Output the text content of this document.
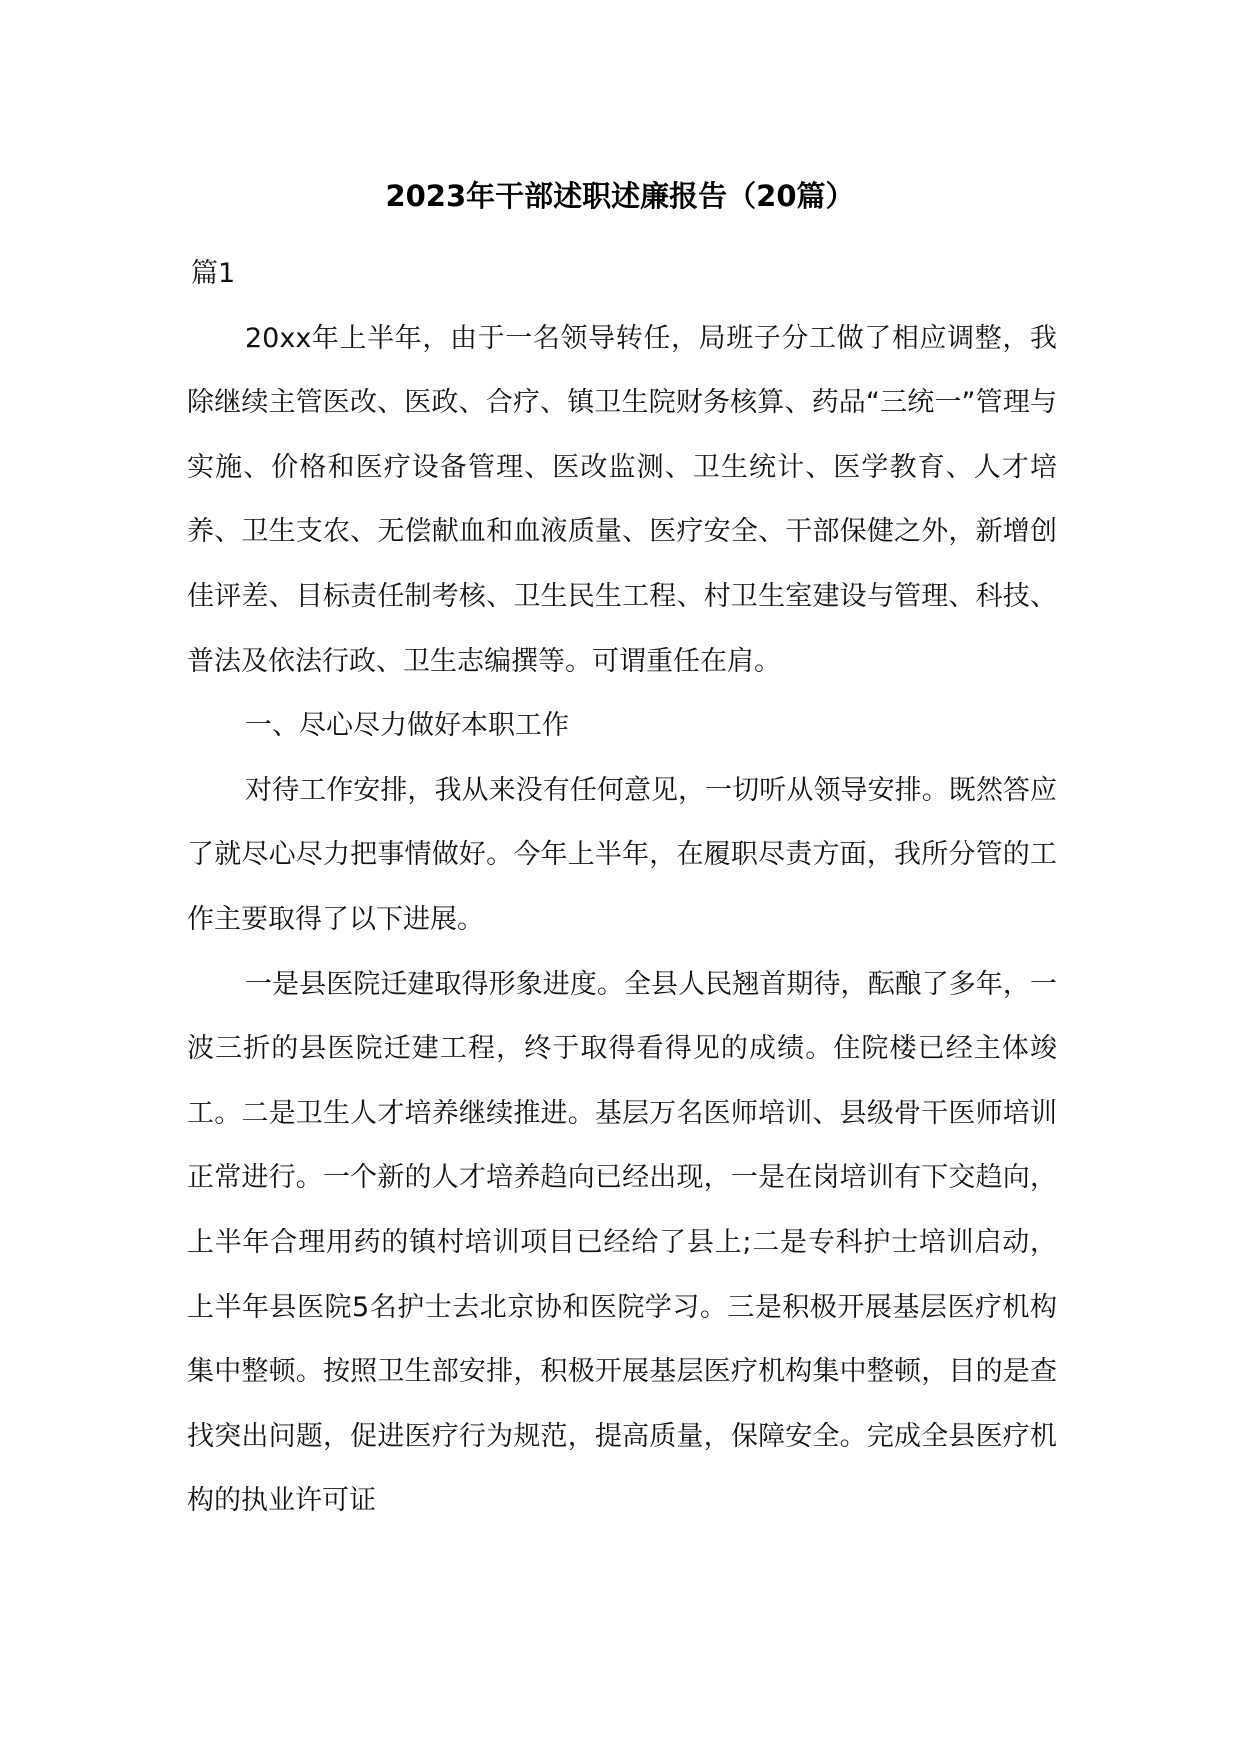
2023年干部述职述廉报告（20篇）

篇1

20xx年上半年，由于一名领导转任，局班子分工做了相应调整，我除继续主管医改、医政、合疗、镇卫生院财务核算、药品“三统一”管理与实施、价格和医疗设备管理、医改监测、卫生统计、医学教育、人才培养、卫生支农、无偿献血和血液质量、医疗安全、干部保健之外，新增创佳评差、目标责任制考核、卫生民生工程、村卫生室建设与管理、科技、普法及依法行政、卫生志编撰等。可谓重任在肩。

一、尽心尽力做好本职工作

对待工作安排，我从来没有任何意见，一切听从领导安排。既然答应了就尽心尽力把事情做好。今年上半年，在履职尽责方面，我所分管的工作主要取得了以下进展。

一是县医院迁建取得形象进度。全县人民翘首期待，酝酿了多年，一波三折的县医院迁建工程，终于取得看得见的成绩。住院楼已经主体竣工。二是卫生人才培养继续推进。基层万名医师培训、县级骨干医师培训正常进行。一个新的人才培养趋向已经出现，一是在岗培训有下交趋向，上半年合理用药的镇村培训项目已经给了县上;二是专科护士培训启动，上半年县医院5名护士去北京协和医院学习。三是积极开展基层医疗机构集中整顿。按照卫生部安排，积极开展基层医疗机构集中整顿，目的是查找突出问题，促进医疗行为规范，提高质量，保障安全。完成全县医疗机构的执业许可证
